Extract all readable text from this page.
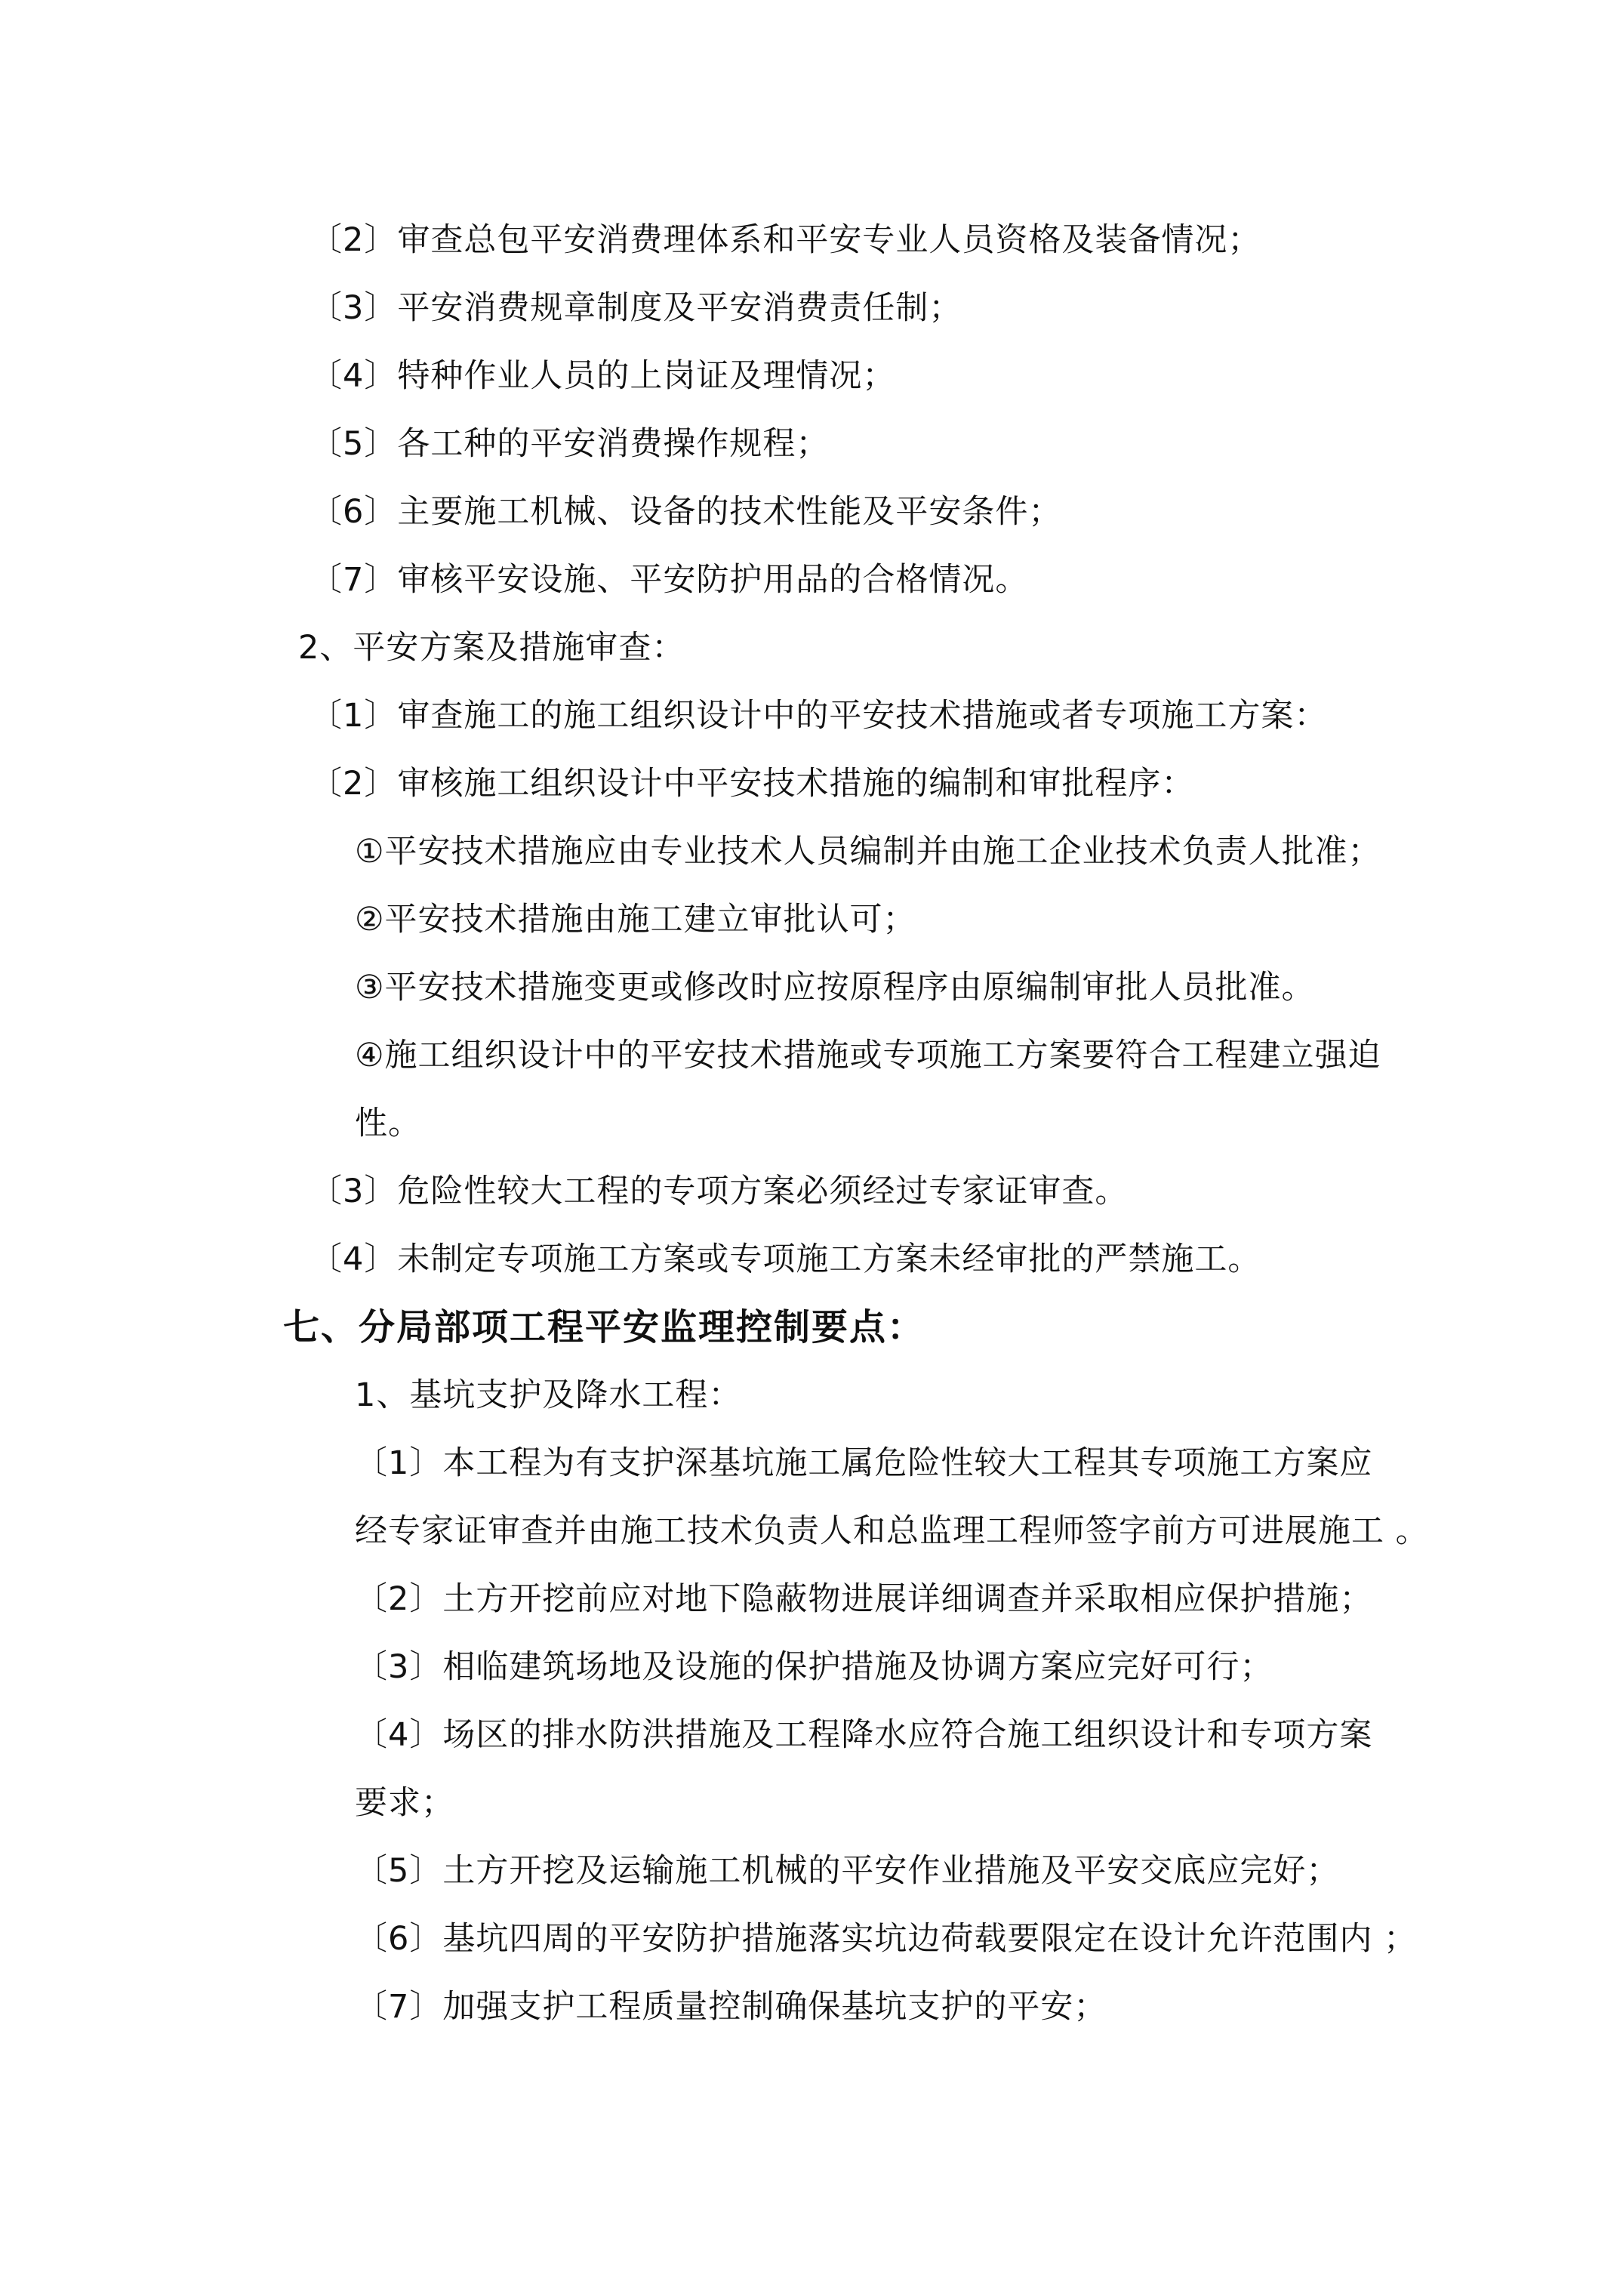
〔2〕审查总包平安消费理体系和平安专业人员资格及装备情况；
〔3〕平安消费规章制度及平安消费责任制；
〔4〕特种作业人员的上岗证及理情况；
〔5〕各工种的平安消费操作规程；
〔6〕主要施工机械、设备的技术性能及平安条件；
〔7〕审核平安设施、平安防护用品的合格情况。
2、平安方案及措施审查：
〔1〕审查施工的施工组织设计中的平安技术措施或者专项施工方案：
〔2〕审核施工组织设计中平安技术措施的编制和审批程序：
①平安技术措施应由专业技术人员编制并由施工企业技术负责人批准；
②平安技术措施由施工建立审批认可；
③平安技术措施变更或修改时应按原程序由原编制审批人员批准。
④施工组织设计中的平安技术措施或专项施工方案要符合工程建立强迫
性。
〔3〕危险性较大工程的专项方案必须经过专家证审查。
〔4〕未制定专项施工方案或专项施工方案未经审批的严禁施工。
七、分局部项工程平安监理控制要点：
1、基坑支护及降水工程：
〔1〕本工程为有支护深基坑施工属危险性较大工程其专项施工方案应
经专家证审查并由施工技术负责人和总监理工程师签字前方可进展施工 。
〔2〕土方开挖前应对地下隐蔽物进展详细调查并采取相应保护措施；
〔3〕相临建筑场地及设施的保护措施及协调方案应完好可行；
〔4〕场区的排水防洪措施及工程降水应符合施工组织设计和专项方案
要求；
〔5〕土方开挖及运输施工机械的平安作业措施及平安交底应完好；
〔6〕基坑四周的平安防护措施落实坑边荷载要限定在设计允许范围内 ；
〔7〕加强支护工程质量控制确保基坑支护的平安；
